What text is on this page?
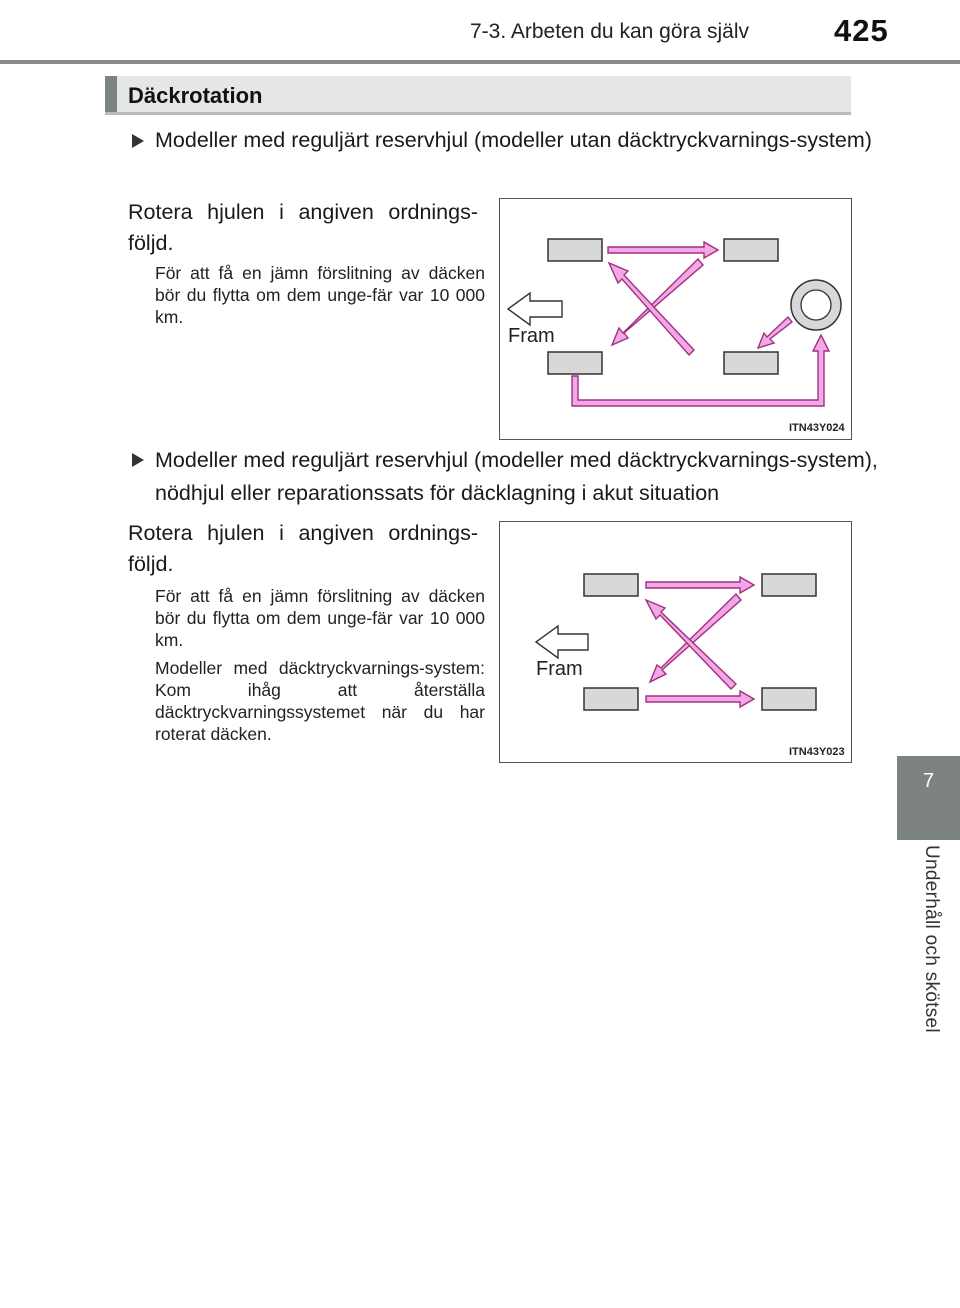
7-3. Arbeten du kan göra själv	425
7
Underhåll och skötsel
Däckrotation
Modeller med reguljärt reservhjul (modeller utan däcktryckvarnings-system)
Rotera hjulen i angiven ordnings-följd.
För att få en jämn förslitning av däcken bör du flytta om dem unge-fär var 10 000 km.
Fram
ITN43Y024
Modeller med reguljärt reservhjul (modeller med däcktryckvarnings-system), nödhjul eller reparationssats för däcklagning i akut situation
Rotera hjulen i angiven ordnings-följd.
För att få en jämn förslitning av däcken bör du flytta om dem unge-fär var 10 000 km.
Modeller med däcktryckvarnings-system: Kom ihåg att återställa däcktryckvarningssystemet när du har roterat däcken.
Fram
ITN43Y023
